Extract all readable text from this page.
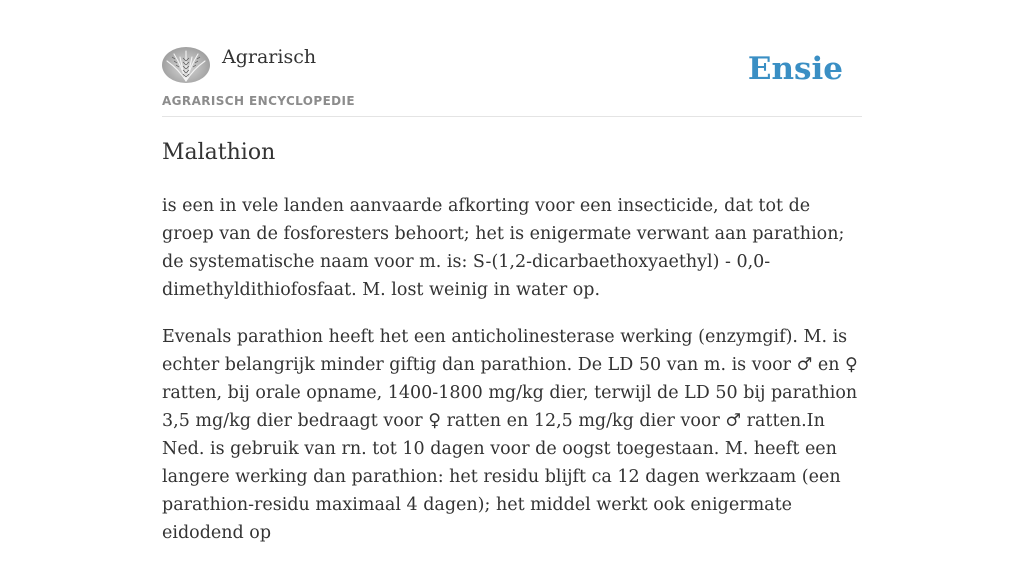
Agrarisch
AGRARISCH ENCYCLOPEDIE
Ensie
Malathion

is een in vele landen aanvaarde afkorting voor een insecticide, dat tot de groep van de fosforesters behoort; het is enigermate verwant aan parathion; de systematische naam voor m. is: S-(1,2-dicarbaethoxyaethyl) - 0,0-dimethyldithiofosfaat. M. lost weinig in water op.

Evenals parathion heeft het een anticholinesterase werking (enzymgif). M. is echter belangrijk minder giftig dan parathion. De LD 50 van m. is voor ♂ en ♀ ratten, bij orale opname, 1400-1800 mg/kg dier, terwijl de LD 50 bij parathion 3,5 mg/kg dier bedraagt voor ♀ ratten en 12,5 mg/kg dier voor ♂ ratten.In Ned. is gebruik van rn. tot 10 dagen voor de oogst toegestaan. M. heeft een langere werking dan parathion: het residu blijft ca 12 dagen werkzaam (een parathion-residu maximaal 4 dagen); het middel werkt ook enigermate eidodend op
